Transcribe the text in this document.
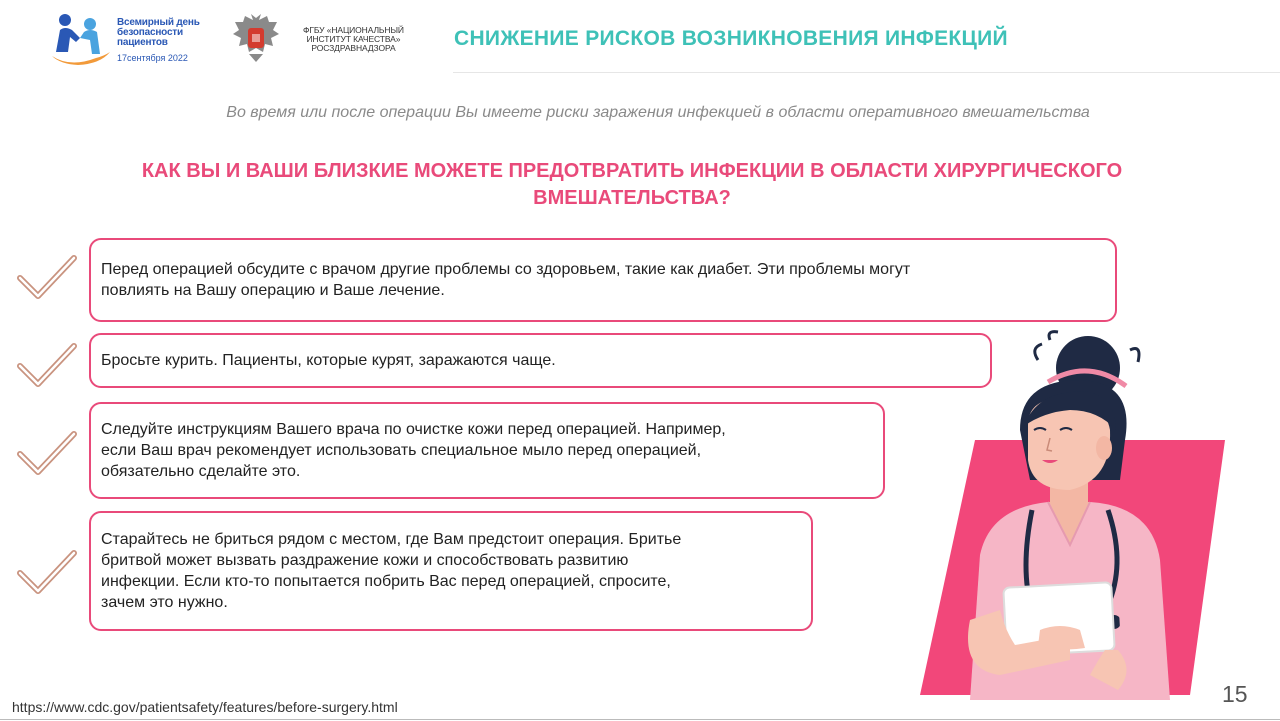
Всемирный день
безопасности
пациентов
17сентября 2022
ФГБУ «НАЦИОНАЛЬНЫЙ
ИНСТИТУТ КАЧЕСТВА»
РОСЗДРАВНАДЗОРА	СНИЖЕНИЕ РИСКОВ ВОЗНИКНОВЕНИЯ ИНФЕКЦИЙ
Во время или после операции Вы имеете риски заражения инфекцией в области оперативного вмешательства
КАК ВЫ И ВАШИ БЛИЗКИЕ МОЖЕТЕ ПРЕДОТВРАТИТЬ ИНФЕКЦИИ В ОБЛАСТИ ХИРУРГИЧЕСКОГО
ВМЕШАТЕЛЬСТВА?
Перед операцией обсудите с врачом другие проблемы со здоровьем, такие как диабет. Эти проблемы могут
повлиять на Вашу операцию и Ваше лечение.
Бросьте курить. Пациенты, которые курят, заражаются чаще.
Следуйте инструкциям Вашего врача по очистке кожи перед операцией. Например,
если Ваш врач рекомендует использовать специальное мыло перед операцией,
обязательно сделайте это.
Старайтесь не бриться рядом с местом, где Вам предстоит операция. Бритье
бритвой может вызвать раздражение кожи и способствовать развитию
инфекции. Если кто-то попытается побрить Вас перед операцией, спросите,
зачем это нужно.
https://www.cdc.gov/patientsafety/features/before-surgery.html	15
